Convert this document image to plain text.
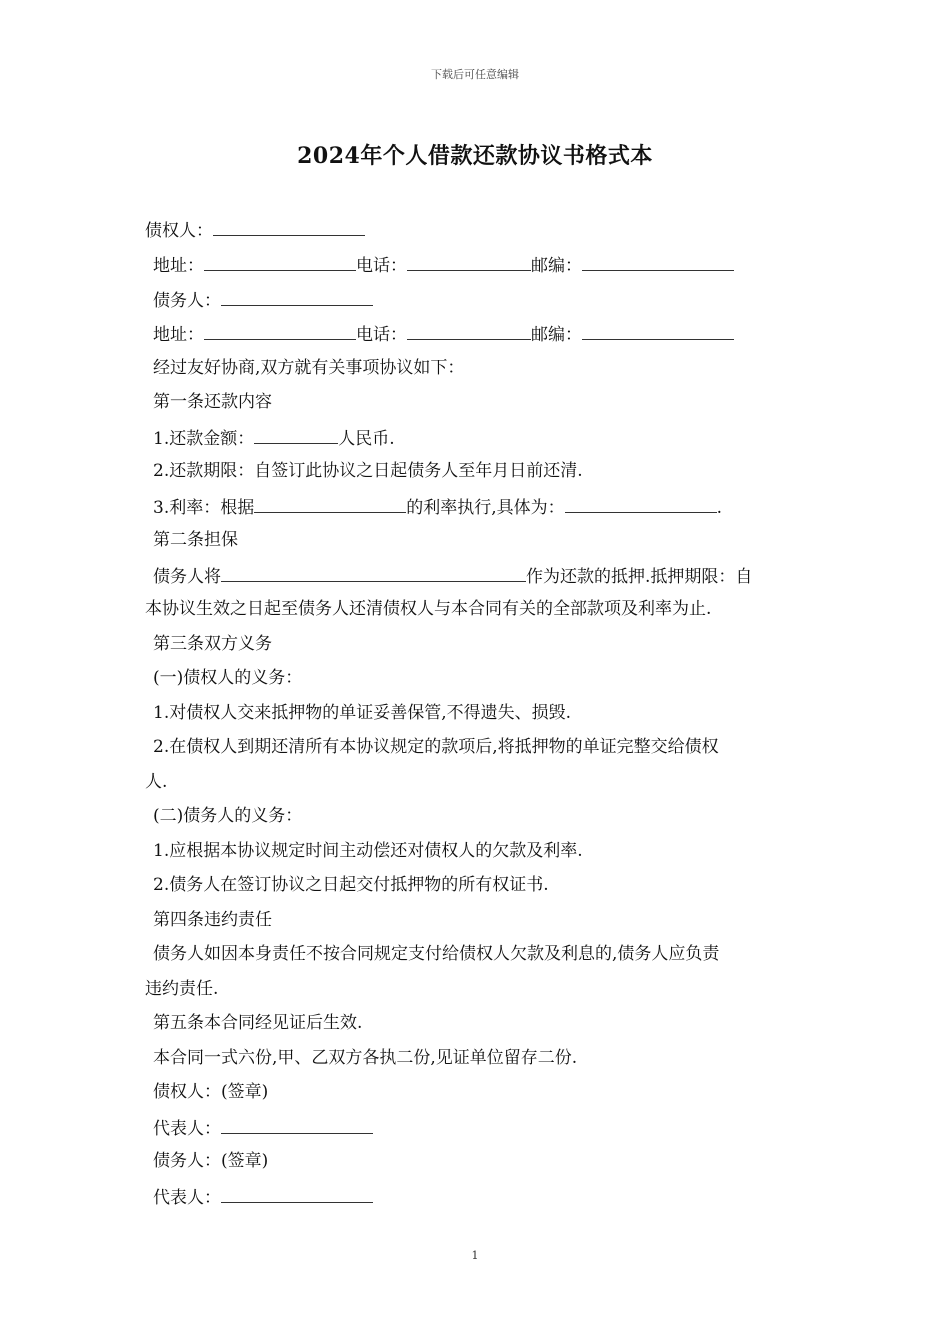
下载后可任意编辑
2024年个人借款还款协议书格式本
债权人：
地址：	电话：	邮编：
债务人：
地址：	电话：	邮编：
经过友好协商,双方就有关事项协议如下：
第一条还款内容
1.还款金额：	人民币.
2.还款期限：自签订此协议之日起债务人至年月日前还清.
3.利率：根据	的利率执行,具体为：	.
第二条担保
债务人将	作为还款的抵押.抵押期限：自
本协议生效之日起至债务人还清债权人与本合同有关的全部款项及利率为止.
第三条双方义务
(一)债权人的义务：
1.对债权人交来抵押物的单证妥善保管,不得遗失、损毁.
2.在债权人到期还清所有本协议规定的款项后,将抵押物的单证完整交给债权
人.
(二)债务人的义务：
1.应根据本协议规定时间主动偿还对债权人的欠款及利率.
2.债务人在签订协议之日起交付抵押物的所有权证书.
第四条违约责任
债务人如因本身责任不按合同规定支付给债权人欠款及利息的,债务人应负责
违约责任.
第五条本合同经见证后生效.
本合同一式六份,甲、乙双方各执二份,见证单位留存二份.
债权人：(签章)
代表人：
债务人：(签章)
代表人：
1
